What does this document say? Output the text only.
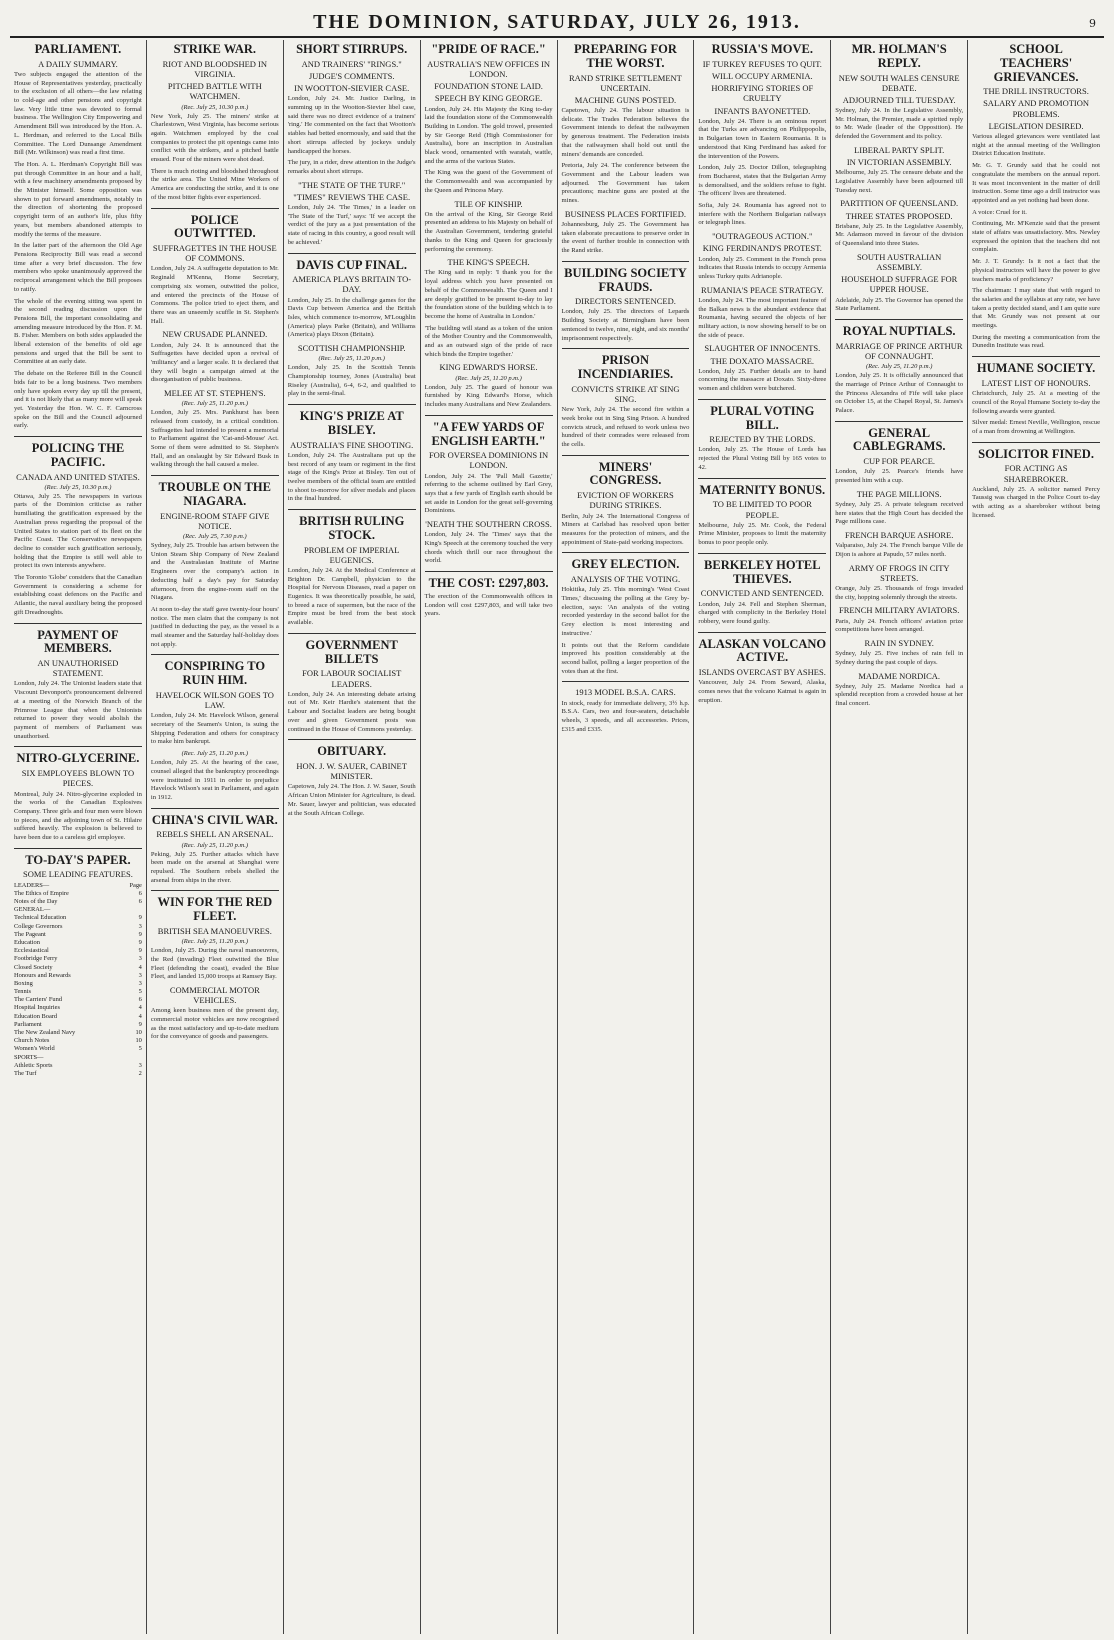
THE DOMINION, SATURDAY, JULY 26, 1913.	9
PARLIAMENT.
A DAILY SUMMARY.

Two subjects engaged the attention of the House of Representatives yesterday, practically to the exclusion of all others—the law relating to cold-age and other pensions and copyright law. Very little time was devoted to formal business. The Wellington City Empowering and Amendment Bill was introduced by the Hon. A. L. Herdman, and referred to the Local Bills Committee. The Lord Dunsange Amendment Bill (Mr. Wilkinson) was read a first time.

The Hon. A. L. Herdman's Copyright Bill was put through Committee in an hour and a half, with a few machinery amendments proposed by the Minister himself. Some opposition was shown to put forward amendments, notably in the direction of shortening the proposed copyright term of an author's life, plus fifty years, but members abandoned attempts to modify the terms of the measure.

In the latter part of the afternoon the Old Age Pensions Reciprocity Bill was read a second time after a very brief discussion. The few members who spoke unanimously approved the reciprocal arrangement which the Bill proposes to ratify.

The whole of the evening sitting was spent in the second reading discussion upon the Pensions Bill, the important consolidating and amending measure introduced by the Hon. F. M. B. Fisher. Members on both sides applauded the liberal extension of the benefits of old age pensions and urged that the Bill be sent to Committee at an early date.

The debate on the Referee Bill in the Council bids fair to be a long business. Two members only have spoken every day up till the present, and it is not likely that as many more will speak yet. Yesterday the Hon. W. C. F. Carncross spoke on the Bill and the Council adjourned early.

POLICING THE PACIFIC.
CANADA AND UNITED STATES.
(Rec. July 25, 10.30 p.m.)

Ottawa, July 25. The newspapers in various parts of the Dominion criticise as rather humiliating the gratification expressed by the Australian press regarding the proposal of the United States to station part of its fleet on the Pacific Coast. The Conservative newspapers decline to consider such gratification seriously, holding that the Empire is still well able to protect its own interests anywhere.

The Toronto 'Globe' considers that the Canadian Government is considering a scheme for establishing coast defences on the Pacific and Atlantic, the naval auxiliary being the proposed gift Dreadnoughts.

PAYMENT OF MEMBERS.
AN UNAUTHORISED STATEMENT.

London, July 24. The Unionist leaders state that Viscount Devonport's pronouncement delivered at a meeting of the Norwich Branch of the Primrose League that when the Unionists returned to power they would abolish the payment of members of Parliament was unauthorised.

NITRO-GLYCERINE.
SIX EMPLOYEES BLOWN TO PIECES.

Montreal, July 24. Nitro-glycerine exploded in the works of the Canadian Explosives Company. Three girls and four men were blown to pieces, and the adjoining town of St. Hilaire suffered heavily. The explosion is believed to have been due to a careless girl employee.

TO-DAY'S PAPER.
SOME LEADING FEATURES.
LEADERS—	Page
The Ethics of Empire	6
Notes of the Day	6
GENERAL—
Technical Education	9
College Governors	3
The Pageant	9
Education	9
Ecclesiastical	9
Footbridge Ferry	3
Closed Society	4
Honours and Rewards	3
Boxing	3
Tennis	5
The Carriers' Fund	6
Hospital Inquiries	4
Education Board	4
Parliament	9
The New Zealand Navy	10
Church Notes	10
Women's World	5
SPORTS—
Athletic Sports	3
The Turf	2
STRIKE WAR.
RIOT AND BLOODSHED IN VIRGINIA.
PITCHED BATTLE WITH WATCHMEN.
(Rec. July 25, 10.30 p.m.)

New York, July 25. The miners' strike at Charlestown, West Virginia, has become serious again. Watchmen employed by the coal companies to protect the pit openings came into conflict with the strikers, and a pitched battle ensued. Four of the miners were shot dead.

There is much rioting and bloodshed throughout the strike area. The United Mine Workers of America are conducting the strike, and it is one of the most bitter fights ever experienced.

POLICE OUTWITTED.
SUFFRAGETTES IN THE HOUSE OF COMMONS.

London, July 24. A suffragette deputation to Mr. Reginald M'Kenna, Home Secretary, comprising six women, outwitted the police, and entered the precincts of the House of Commons. The police tried to eject them, and there was an unseemly scuffle in St. Stephen's Hall.

NEW CRUSADE PLANNED.

London, July 24. It is announced that the Suffragettes have decided upon a revival of 'militancy' and a larger scale. It is declared that they will begin a campaign aimed at the disorganisation of public business.

MELEE AT ST. STEPHEN'S.
(Rec. July 25, 11.20 p.m.)

London, July 25. Mrs. Pankhurst has been released from custody, in a critical condition. Suffragettes had intended to present a memorial to Parliament against the 'Cat-and-Mouse' Act. Some of them were admitted to St. Stephen's Hall, and an onslaught by Sir Edward Busk in walking through the hall caused a melee.

TROUBLE ON THE NIAGARA.
ENGINE-ROOM STAFF GIVE NOTICE.
(Rec. July 25, 7.30 p.m.)

Sydney, July 25. Trouble has arisen between the Union Steam Ship Company of New Zealand and the Australasian Institute of Marine Engineers over the company's action in deducting half a day's pay for Saturday afternoon, from the engine-room staff on the Niagara.

At noon to-day the staff gave twenty-four hours' notice. The men claim that the company is not justified in deducting the pay, as the vessel is a mail steamer and the Saturday half-holiday does not apply.

CONSPIRING TO RUIN HIM.
HAVELOCK WILSON GOES TO LAW.

London, July 24. Mr. Havelock Wilson, general secretary of the Seamen's Union, is suing the Shipping Federation and others for conspiracy to make him bankrupt.

(Rec. July 25, 11.20 p.m.)

London, July 25. At the hearing of the case, counsel alleged that the bankruptcy proceedings were instituted in 1911 in order to prejudice Havelock Wilson's seat in Parliament, and again in 1912.

CHINA'S CIVIL WAR.
REBELS SHELL AN ARSENAL.
(Rec. July 25, 11.20 p.m.)

Peking, July 25. Further attacks which have been made on the arsenal at Shanghai were repulsed. The Southern rebels shelled the arsenal from ships in the river.

WIN FOR THE RED FLEET.
BRITISH SEA MANOEUVRES.
(Rec. July 25, 11.20 p.m.)

London, July 25. During the naval manoeuvres, the Red (invading) Fleet outwitted the Blue Fleet (defending the coast), evaded the Blue Fleet, and landed 15,000 troops at Ramsey Bay.

COMMERCIAL MOTOR VEHICLES.

Among keen business men of the present day, commercial motor vehicles are now recognised as the most satisfactory and up-to-date medium for the conveyance of goods and passengers.

SHORT STIRRUPS.
AND TRAINERS' "RINGS."
JUDGE'S COMMENTS.
IN WOOTTON-SIEVIER CASE.

London, July 24. Mr. Justice Darling, in summing up in the Wootton-Sievier libel case, said there was no direct evidence of a trainers' 'ring.' He commented on the fact that Wootton's stables had betted enormously, and said that the short stirrups affected by jockeys unduly handicapped the horses.

The jury, in a rider, drew attention in the Judge's remarks about short stirrups.

"THE STATE OF THE TURF."
"TIMES" REVIEWS THE CASE.

London, July 24. 'The Times,' in a leader on 'The State of the Turf,' says: 'If we accept the verdict of the jury as a just presentation of the state of racing in this country, a good result will be achieved.'

DAVIS CUP FINAL.
AMERICA PLAYS BRITAIN TO-DAY.

London, July 25. In the challenge games for the Davis Cup between America and the British Isles, which commence to-morrow, M'Loughlin (America) plays Parke (Britain), and Williams (America) plays Dixon (Britain).

SCOTTISH CHAMPIONSHIP.
(Rec. July 25, 11.20 p.m.)

London, July 25. In the Scottish Tennis Championship tourney, Jones (Australia) beat Riseley (Australia), 6-4, 6-2, and qualified to play in the semi-final.

KING'S PRIZE AT BISLEY.
AUSTRALIA'S FINE SHOOTING.

London, July 24. The Australians put up the best record of any team or regiment in the first stage of the King's Prize at Bisley. Ten out of twelve members of the official team are entitled to shoot to-morrow for silver medals and places in the final hundred.

BRITISH RULING STOCK.
PROBLEM OF IMPERIAL EUGENICS.

London, July 24. At the Medical Conference at Brighton Dr. Campbell, physician to the Hospital for Nervous Diseases, read a paper on Eugenics. It was theoretically possible, he said, to breed a race of supermen, but the race of the Empire must be bred from the best stock available.

GOVERNMENT BILLETS
FOR LABOUR SOCIALIST LEADERS.

London, July 24. An interesting debate arising out of Mr. Keir Hardie's statement that the Labour and Socialist leaders are being bought over and given Government posts was continued in the House of Commons yesterday.

OBITUARY.
HON. J. W. SAUER, CABINET MINISTER.

Capetown, July 24. The Hon. J. W. Sauer, South African Union Minister for Agriculture, is dead. Mr. Sauer, lawyer and politician, was educated at the South African College.

"PRIDE OF RACE."
AUSTRALIA'S NEW OFFICES IN LONDON.
FOUNDATION STONE LAID.
SPEECH BY KING GEORGE.

London, July 24. His Majesty the King to-day laid the foundation stone of the Commonwealth Building in London. The gold trowel, presented by Sir George Reid (High Commissioner for Australia), bore an inscription in Australian black wood, ornamented with waratah, wattle, and the arms of the various States.

The King was the guest of the Government of the Commonwealth and was accompanied by the Queen and Princess Mary.

TILE OF KINSHIP.

On the arrival of the King, Sir George Reid presented an address to his Majesty on behalf of the Australian Government, tendering grateful thanks to the King and Queen for graciously performing the ceremony.

THE KING'S SPEECH.

The King said in reply: 'I thank you for the loyal address which you have presented on behalf of the Commonwealth. The Queen and I are deeply gratified to be present to-day to lay the foundation stone of the building which is to become the home of Australia in London.'

'The building will stand as a token of the union of the Mother Country and the Commonwealth, and as an outward sign of the pride of race which binds the Empire together.'

KING EDWARD'S HORSE.
(Rec. July 25, 11.20 p.m.)

London, July 25. The guard of honour was furnished by King Edward's Horse, which includes many Australians and New Zealanders.

"A FEW YARDS OF ENGLISH EARTH."
FOR OVERSEA DOMINIONS IN LONDON.

London, July 24. The 'Pall Mall Gazette,' referring to the scheme outlined by Earl Grey, says that a few yards of English earth should be set aside in London for the great self-governing Dominions.

'NEATH THE SOUTHERN CROSS.

London, July 24. The 'Times' says that the King's Speech at the ceremony touched the very chords which thrill our race throughout the world.

THE COST: £297,803.

The erection of the Commonwealth offices in London will cost £297,803, and will take two years.

PREPARING FOR THE WORST.
RAND STRIKE SETTLEMENT UNCERTAIN.
MACHINE GUNS POSTED.

Capetown, July 24. The labour situation is delicate. The Trades Federation believes the Government intends to defeat the railwaymen by generous treatment. The Federation insists that the railwaymen shall hold out until the miners' demands are conceded.

Pretoria, July 24. The conference between the Government and the Labour leaders was adjourned. The Government has taken precautions; machine guns are posted at the mines.

BUSINESS PLACES FORTIFIED.

Johannesburg, July 25. The Government has taken elaborate precautions to preserve order in the event of further trouble in connection with the Rand strike.

BUILDING SOCIETY FRAUDS.
DIRECTORS SENTENCED.

London, July 25. The directors of Lepards Building Society at Birmingham have been sentenced to twelve, nine, eight, and six months' imprisonment respectively.

PRISON INCENDIARIES.
CONVICTS STRIKE AT SING SING.

New York, July 24. The second fire within a week broke out in Sing Sing Prison. A hundred convicts struck, and refused to work unless two hundred of their comrades were released from the cells.

MINERS' CONGRESS.
EVICTION OF WORKERS DURING STRIKES.

Berlin, July 24. The International Congress of Miners at Carlsbad has resolved upon better measures for the protection of miners, and the appointment of State-paid working inspectors.

GREY ELECTION.
ANALYSIS OF THE VOTING.

Hokitika, July 25. This morning's 'West Coast Times,' discussing the polling at the Grey by-election, says: 'An analysis of the voting recorded yesterday in the second ballot for the Grey election is most interesting and instructive.'

It points out that the Reform candidate improved his position considerably at the second ballot, polling a larger proportion of the votes than at the first.

1913 MODEL B.S.A. CARS.

In stock, ready for immediate delivery, 3½ h.p. B.S.A. Cars, two and four-seaters, detachable wheels, 3 speeds, and all accessories. Prices, £315 and £335.

RUSSIA'S MOVE.
IF TURKEY REFUSES TO QUIT.
WILL OCCUPY ARMENIA.
HORRIFYING STORIES OF CRUELTY
INFANTS BAYONETTED.

London, July 24. There is an ominous report that the Turks are advancing on Philippopolis, in Bulgarian town in Eastern Roumania. It is understood that King Ferdinand has asked for the intervention of the Powers.

London, July 25. Doctor Dillon, telegraphing from Bucharest, states that the Bulgarian Army is demoralised, and the soldiers refuse to fight. The officers' lives are threatened.

Sofia, July 24. Roumania has agreed not to interfere with the Northern Bulgarian railways or telegraph lines.

"OUTRAGEOUS ACTION."
KING FERDINAND'S PROTEST.

London, July 25. Comment in the French press indicates that Russia intends to occupy Armenia unless Turkey quits Adrianople.

RUMANIA'S PEACE STRATEGY.

London, July 24. The most important feature of the Balkan news is the abundant evidence that Roumania, having secured the objects of her military action, is now showing herself to be on the side of peace.

SLAUGHTER OF INNOCENTS.
THE DOXATO MASSACRE.

London, July 25. Further details are to hand concerning the massacre at Doxato. Sixty-three women and children were butchered.

PLURAL VOTING BILL.
REJECTED BY THE LORDS.

London, July 25. The House of Lords has rejected the Plural Voting Bill by 165 votes to 42.

MATERNITY BONUS.
TO BE LIMITED TO POOR PEOPLE.

Melbourne, July 25. Mr. Cook, the Federal Prime Minister, proposes to limit the maternity bonus to poor people only.

BERKELEY HOTEL THIEVES.
CONVICTED AND SENTENCED.

London, July 24. Fell and Stephen Sherman, charged with complicity in the Berkeley Hotel robbery, were found guilty.

ALASKAN VOLCANO ACTIVE.
ISLANDS OVERCAST BY ASHES.

Vancouver, July 24. From Seward, Alaska, comes news that the volcano Katmai is again in eruption.

MR. HOLMAN'S REPLY.
NEW SOUTH WALES CENSURE DEBATE.
ADJOURNED TILL TUESDAY.

Sydney, July 24. In the Legislative Assembly, Mr. Holman, the Premier, made a spirited reply to Mr. Wade (leader of the Opposition). He defended the Government and its policy.

LIBERAL PARTY SPLIT.
IN VICTORIAN ASSEMBLY.

Melbourne, July 25. The censure debate and the Legislative Assembly have been adjourned till Tuesday next.

PARTITION OF QUEENSLAND.
THREE STATES PROPOSED.

Brisbane, July 25. In the Legislative Assembly, Mr. Adamson moved in favour of the division of Queensland into three States.

SOUTH AUSTRALIAN ASSEMBLY.
HOUSEHOLD SUFFRAGE FOR UPPER HOUSE.

Adelaide, July 25. The Governor has opened the State Parliament.

ROYAL NUPTIALS.
MARRIAGE OF PRINCE ARTHUR OF CONNAUGHT.
(Rec. July 25, 11.20 p.m.)

London, July 25. It is officially announced that the marriage of Prince Arthur of Connaught to the Princess Alexandra of Fife will take place on October 15, at the Chapel Royal, St. James's Palace.

GENERAL CABLEGRAMS.
CUP FOR PEARCE.

London, July 25. Pearce's friends have presented him with a cup.

THE PAGE MILLIONS.

Sydney, July 25. A private telegram received here states that the High Court has decided the Page millions case.

FRENCH BARQUE ASHORE.

Valparaiso, July 24. The French barque Ville de Dijon is ashore at Papudo, 57 miles north.

ARMY OF FROGS IN CITY STREETS.

Orange, July 25. Thousands of frogs invaded the city, hopping solemnly through the streets.

FRENCH MILITARY AVIATORS.

Paris, July 24. French officers' aviation prize competitions have been arranged.

RAIN IN SYDNEY.

Sydney, July 25. Five inches of rain fell in Sydney during the past couple of days.

MADAME NORDICA.

Sydney, July 25. Madame Nordica had a splendid reception from a crowded house at her final concert.

SCHOOL TEACHERS' GRIEVANCES.
THE DRILL INSTRUCTORS.
SALARY AND PROMOTION PROBLEMS.
LEGISLATION DESIRED.

Various alleged grievances were ventilated last night at the annual meeting of the Wellington District Education Institute.

Mr. G. T. Grundy said that he could not congratulate the members on the annual report. It was most inconvenient in the matter of drill instruction. Some time ago a drill instructor was appointed and as yet nothing had been done.

A voice: Cruel for it.

Continuing, Mr. M'Kenzie said that the present state of affairs was unsatisfactory. Mrs. Newley expressed the opinion that the teachers did not complain.

Mr. J. T. Grundy: Is it not a fact that the physical instructors will have the power to give teachers marks of proficiency?

The chairman: I may state that with regard to the salaries and the syllabus at any rate, we have taken a pretty decided stand, and I am quite sure that Mr. Grundy was not present at our meetings.

During the meeting a communication from the Dunedin Institute was read.

HUMANE SOCIETY.
LATEST LIST OF HONOURS.

Christchurch, July 25. At a meeting of the council of the Royal Humane Society to-day the following awards were granted.

Silver medal: Ernest Neville, Wellington, rescue of a man from drowning at Wellington.

SOLICITOR FINED.
FOR ACTING AS SHAREBROKER.

Auckland, July 25. A solicitor named Percy Taussig was charged in the Police Court to-day with acting as a sharebroker without being licensed.
